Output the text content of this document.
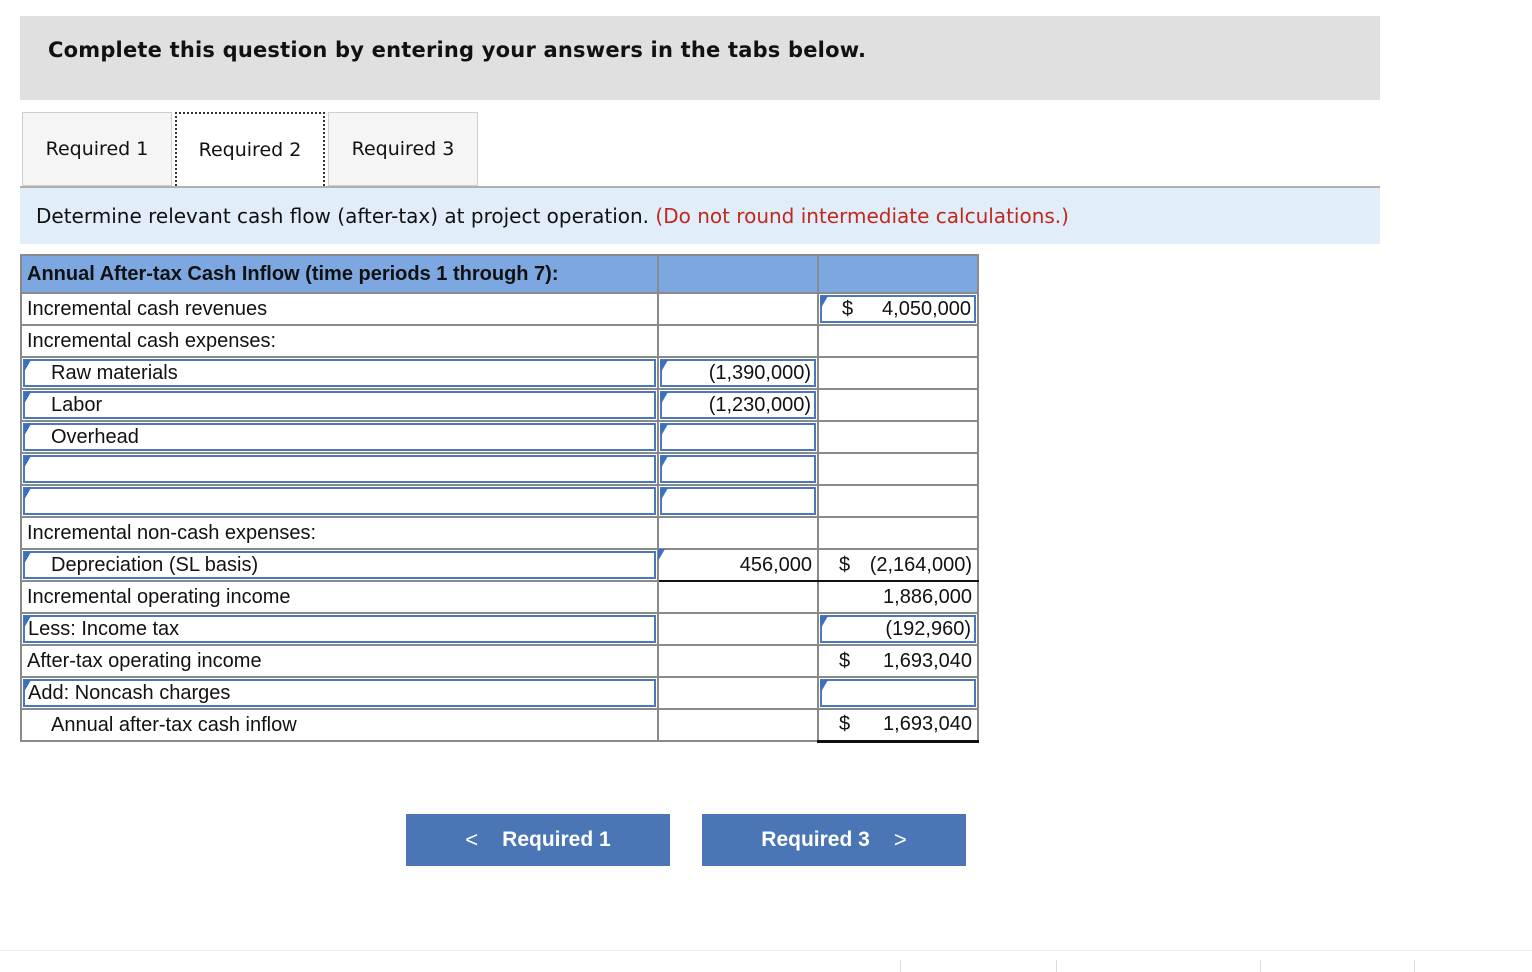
Complete this question by entering your answers in the tabs below.
Required 1	Required 2	Required 3
Determine relevant cash flow (after-tax) at project operation. (Do not round intermediate calculations.)
Annual After-tax Cash Inflow (time periods 1 through 7):		
Incremental cash revenues		$ 4,050,000

Incremental cash expenses:		

Raw materials	(1,390,000)	

Labor	(1,230,000)	

Overhead		

Incremental non-cash expenses:		

Depreciation (SL basis)	456,000	$ (2,164,000)

Incremental operating income		1,886,000

Less: Income tax		(192,960)

After-tax operating income		$ 1,693,040

Add: Noncash charges		

Annual after-tax cash inflow		$ 1,693,040
< Required 1	Required 3 >
